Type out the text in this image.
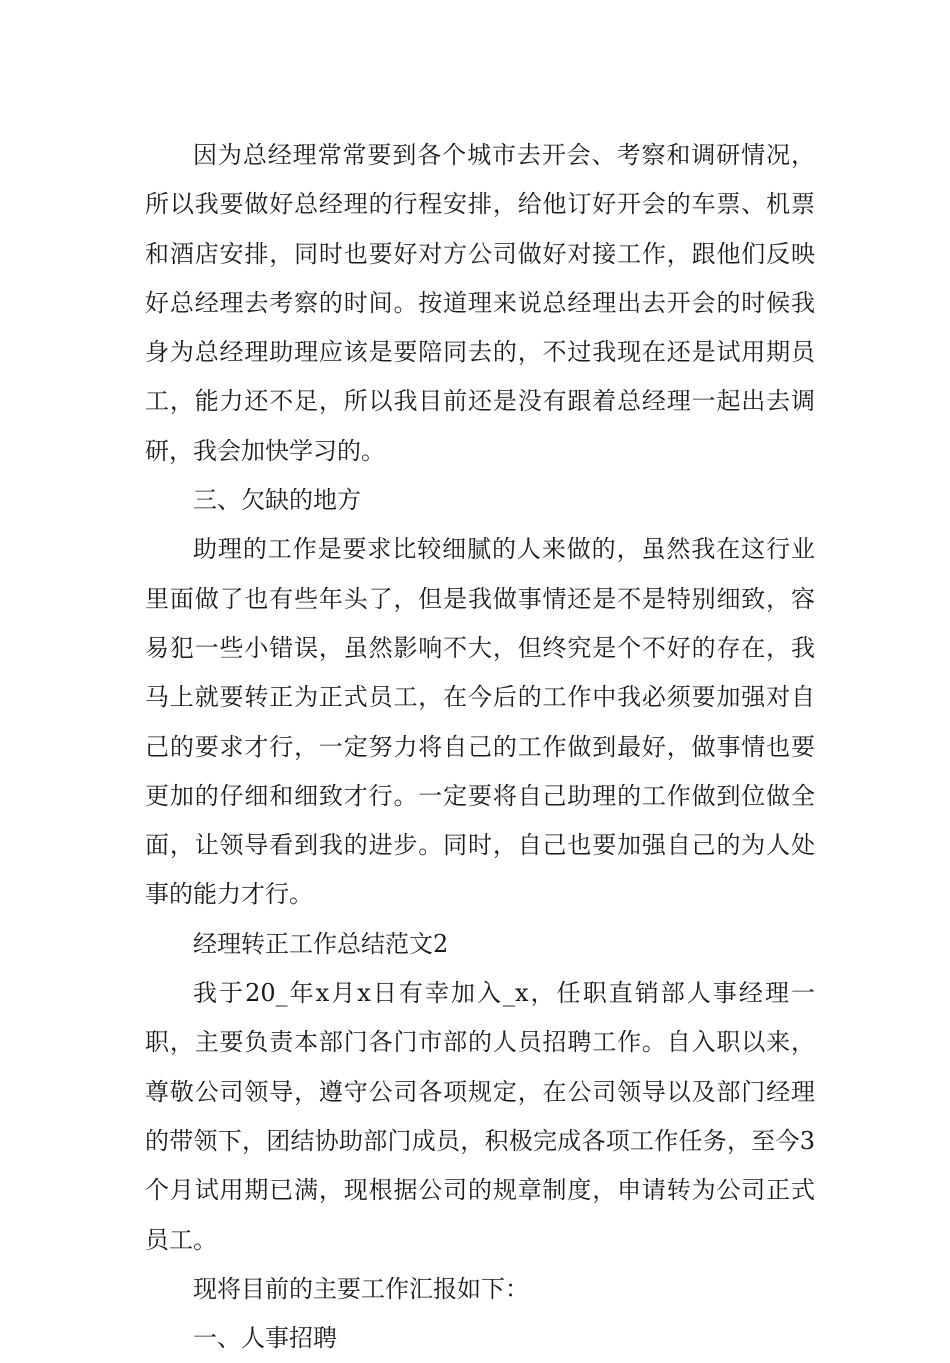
因为总经理常常要到各个城市去开会、考察和调研情况，所以我要做好总经理的行程安排，给他订好开会的车票、机票和酒店安排，同时也要好对方公司做好对接工作，跟他们反映好总经理去考察的时间。按道理来说总经理出去开会的时候我身为总经理助理应该是要陪同去的，不过我现在还是试用期员工，能力还不足，所以我目前还是没有跟着总经理一起出去调研，我会加快学习的。

三、欠缺的地方

助理的工作是要求比较细腻的人来做的，虽然我在这行业里面做了也有些年头了，但是我做事情还是不是特别细致，容易犯一些小错误，虽然影响不大，但终究是个不好的存在，我马上就要转正为正式员工，在今后的工作中我必须要加强对自己的要求才行，一定努力将自己的工作做到最好，做事情也要更加的仔细和细致才行。一定要将自己助理的工作做到位做全面，让领导看到我的进步。同时，自己也要加强自己的为人处事的能力才行。

经理转正工作总结范文2

我于20_年x月x日有幸加入_x，任职直销部人事经理一职，主要负责本部门各门市部的人员招聘工作。自入职以来，尊敬公司领导，遵守公司各项规定，在公司领导以及部门经理的带领下，团结协助部门成员，积极完成各项工作任务，至今3个月试用期已满，现根据公司的规章制度，申请转为公司正式员工。

现将目前的主要工作汇报如下：

一、人事招聘
